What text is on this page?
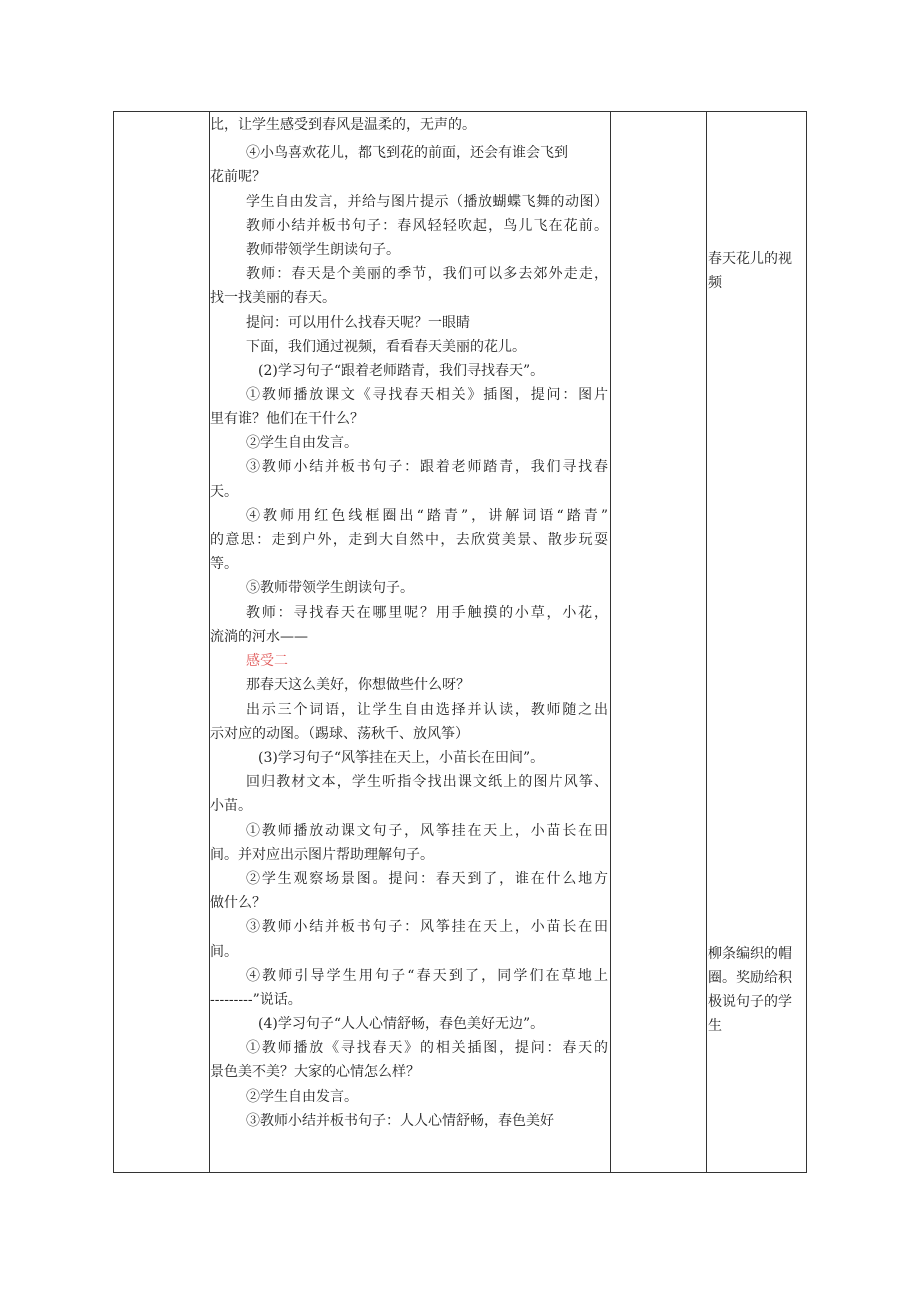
比，让学生感受到春风是温柔的，无声的。
④小鸟喜欢花儿，都飞到花的前面，还会有谁会飞到
花前呢？
学生自由发言，并给与图片提示（播放蝴蝶飞舞的动图）
教师小结并板书句子：春风轻轻吹起，鸟儿飞在花前。
教师带领学生朗读句子。
教师：春天是个美丽的季节，我们可以多去郊外走走，
找一找美丽的春天。
提问：可以用什么找春天呢？一眼睛
下面，我们通过视频，看看春天美丽的花儿。
(2)学习句子“跟着老师踏青，我们寻找春天”。
①教师播放课文《寻找春天相关》插图，提问：图片
里有谁？他们在干什么？
②学生自由发言。
③教师小结并板书句子：跟着老师踏青，我们寻找春
天。
④教师用红色线框圈出“踏青”，讲解词语“踏青”
的意思：走到户外，走到大自然中，去欣赏美景、散步玩耍
等。
⑤教师带领学生朗读句子。
教师：寻找春天在哪里呢？用手触摸的小草，小花，
流淌的河水——
感受二
那春天这么美好，你想做些什么呀？
出示三个词语，让学生自由选择并认读，教师随之出
示对应的动图。（踢球、荡秋千、放风筝）
(3)学习句子“风筝挂在天上，小苗长在田间”。
回归教材文本，学生听指令找出课文纸上的图片风筝、
小苗。
①教师播放动课文句子，风筝挂在天上，小苗长在田
间。并对应出示图片帮助理解句子。
②学生观察场景图。提问：春天到了，谁在什么地方
做什么？
③教师小结并板书句子：风筝挂在天上，小苗长在田
间。
④教师引导学生用句子“春天到了，同学们在草地上
---------”说话。
(4)学习句子“人人心情舒畅，春色美好无边”。
①教师播放《寻找春天》的相关插图，提问：春天的
景色美不美？大家的心情怎么样？
②学生自由发言。
③教师小结并板书句子：人人心情舒畅，春色美好
春天花儿的视
频
柳条编织的帽
圈。奖励给积
极说句子的学
生
